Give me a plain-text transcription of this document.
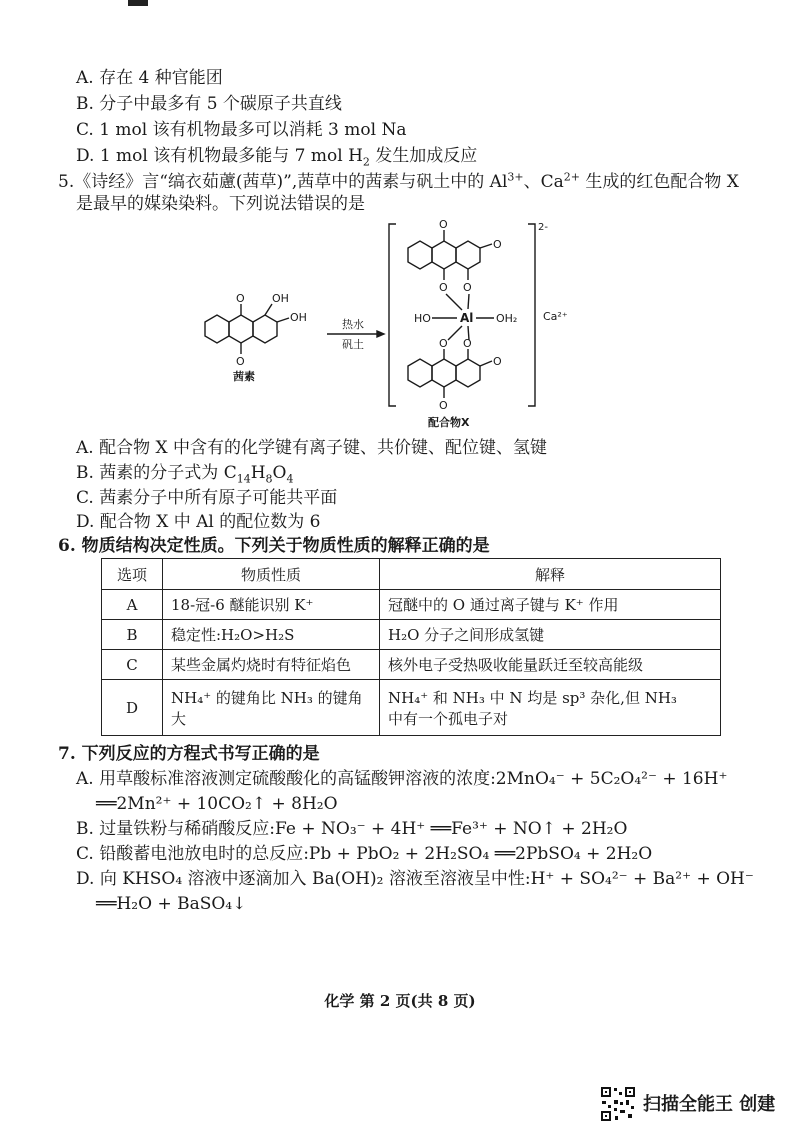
A. 存在 4 种官能团
B. 分子中最多有 5 个碳原子共直线
C. 1 mol 该有机物最多可以消耗 3 mol Na
D. 1 mol 该有机物最多能与 7 mol $H_2$ 发生加成反应
5.《诗经》言“缟衣茹藘(茜草)”,茜草中的茜素与矾土中的 $Al^{3+}$、$Ca^{2+}$ 生成的红色配合物 X
是最早的媒染染料。下列说法错误的是
O
O
OH
OH
茜素
热水
矾土
2-
Ca²⁺
O
O
O
O
Al
HO	OH₂
O O
O
O
配合物X
A. 配合物 X 中含有的化学键有离子键、共价键、配位键、氢键
B. 茜素的分子式为 $C_{14}H_8O_4$
C. 茜素分子中所有原子可能共平面
D. 配合物 X 中 Al 的配位数为 6
6. 物质结构决定性质。下列关于物质性质的解释正确的是
选项	物质性质	解释
A	18-冠-6 醚能识别 K⁺	冠醚中的 O 通过离子键与 K⁺ 作用
B	稳定性:H₂O>H₂S	H₂O 分子之间形成氢键
C	某些金属灼烧时有特征焰色	核外电子受热吸收能量跃迁至较高能级
D	NH₄⁺ 的键角比 NH₃ 的键角大	NH₄⁺ 和 NH₃ 中 N 均是 sp³ 杂化,但 NH₃
中有一个孤电子对
7. 下列反应的方程式书写正确的是
A. 用草酸标准溶液测定硫酸酸化的高锰酸钾溶液的浓度:2MnO₄⁻ + 5C₂O₄²⁻ + 16H⁺
══2Mn²⁺ + 10CO₂↑ + 8H₂O
B. 过量铁粉与稀硝酸反应:Fe + NO₃⁻ + 4H⁺ ══Fe³⁺ + NO↑ + 2H₂O
C. 铅酸蓄电池放电时的总反应:Pb + PbO₂ + 2H₂SO₄ ══2PbSO₄ + 2H₂O
D. 向 KHSO₄ 溶液中逐滴加入 Ba(OH)₂ 溶液至溶液呈中性:H⁺ + SO₄²⁻ + Ba²⁺ + OH⁻
══H₂O + BaSO₄↓
化学 第 2 页(共 8 页)
扫描全能王 创建
